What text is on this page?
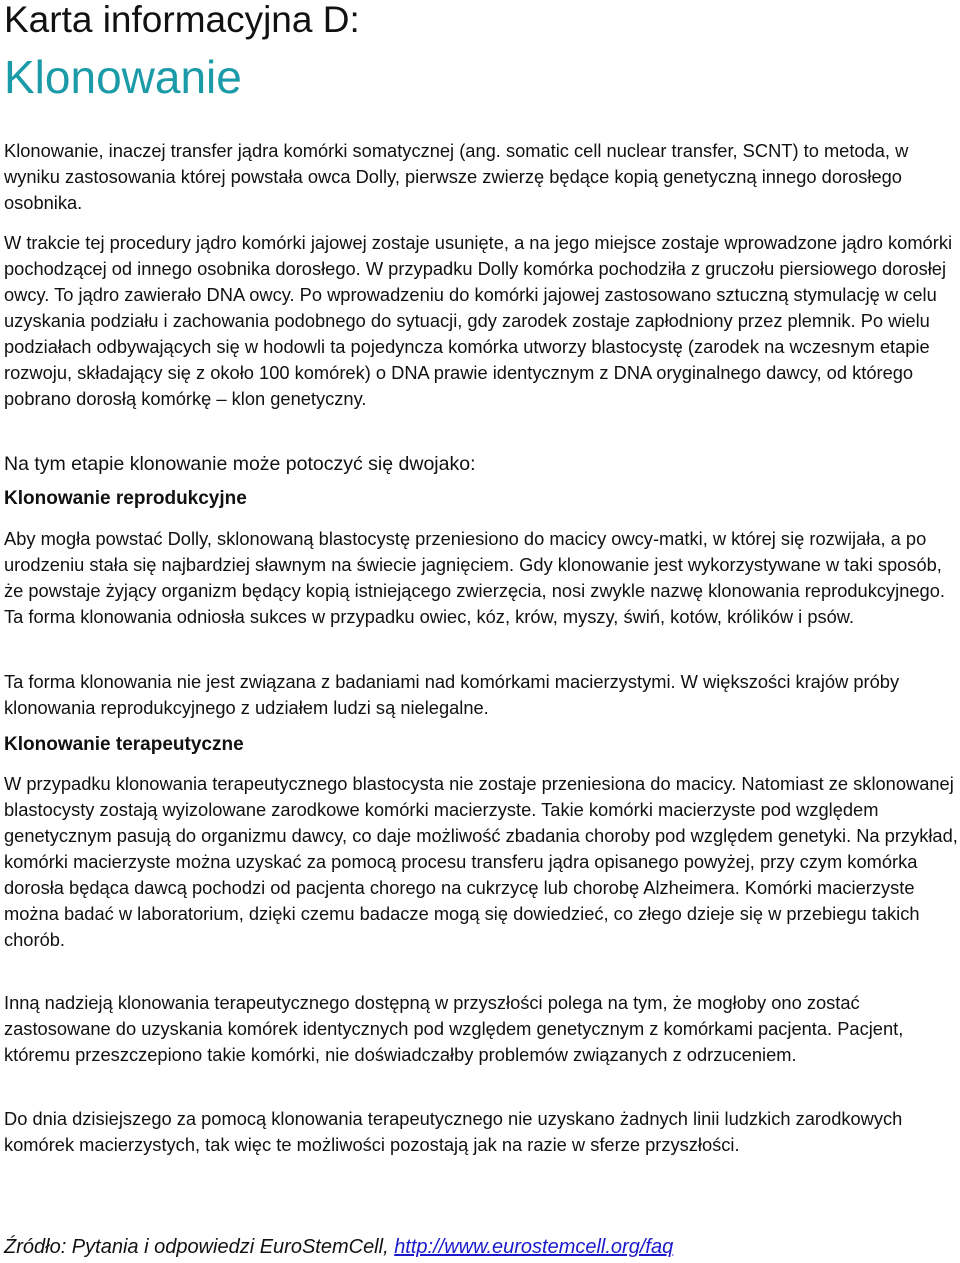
Karta informacyjna D:
Klonowanie

Klonowanie, inaczej transfer jądra komórki somatycznej (ang. somatic cell nuclear transfer, SCNT) to metoda, w wyniku zastosowania której powstała owca Dolly, pierwsze zwierzę będące kopią genetyczną innego dorosłego osobnika.

W trakcie tej procedury jądro komórki jajowej zostaje usunięte, a na jego miejsce zostaje wprowadzone jądro komórki pochodzącej od innego osobnika dorosłego. W przypadku Dolly komórka pochodziła z gruczołu piersiowego dorosłej owcy. To jądro zawierało DNA owcy. Po wprowadzeniu do komórki jajowej zastosowano sztuczną stymulację w celu uzyskania podziału i zachowania podobnego do sytuacji, gdy zarodek zostaje zapłodniony przez plemnik. Po wielu podziałach odbywających się w hodowli ta pojedyncza komórka utworzy blastocystę (zarodek na wczesnym etapie rozwoju, składający się z około 100 komórek) o DNA prawie identycznym z DNA oryginalnego dawcy, od którego pobrano dorosłą komórkę – klon genetyczny.

Na tym etapie klonowanie może potoczyć się dwojako:

Klonowanie reprodukcyjne

Aby mogła powstać Dolly, sklonowaną blastocystę przeniesiono do macicy owcy-matki, w której się rozwijała, a po urodzeniu stała się najbardziej sławnym na świecie jagnięciem. Gdy klonowanie jest wykorzystywane w taki sposób, że powstaje żyjący organizm będący kopią istniejącego zwierzęcia, nosi zwykle nazwę klonowania reprodukcyjnego. Ta forma klonowania odniosła sukces w przypadku owiec, kóz, krów, myszy, świń, kotów, królików i psów.

Ta forma klonowania nie jest związana z badaniami nad komórkami macierzystymi. W większości krajów próby klonowania reprodukcyjnego z udziałem ludzi są nielegalne.

Klonowanie terapeutyczne

W przypadku klonowania terapeutycznego blastocysta nie zostaje przeniesiona do macicy. Natomiast ze sklonowanej blastocysty zostają wyizolowane zarodkowe komórki macierzyste. Takie komórki macierzyste pod względem genetycznym pasują do organizmu dawcy, co daje możliwość zbadania choroby pod względem genetyki. Na przykład, komórki macierzyste można uzyskać za pomocą procesu transferu jądra opisanego powyżej, przy czym komórka dorosła będąca dawcą pochodzi od pacjenta chorego na cukrzycę lub chorobę Alzheimera. Komórki macierzyste można badać w laboratorium, dzięki czemu badacze mogą się dowiedzieć, co złego dzieje się w przebiegu takich chorób.

Inną nadzieją klonowania terapeutycznego dostępną w przyszłości polega na tym, że mogłoby ono zostać zastosowane do uzyskania komórek identycznych pod względem genetycznym z komórkami pacjenta. Pacjent, któremu przeszczepiono takie komórki, nie doświadczałby problemów związanych z odrzuceniem.

Do dnia dzisiejszego za pomocą klonowania terapeutycznego nie uzyskano żadnych linii ludzkich zarodkowych komórek macierzystych, tak więc te możliwości pozostają jak na razie w sferze przyszłości.

Źródło: Pytania i odpowiedzi EuroStemCell, http://www.eurostemcell.org/faq
